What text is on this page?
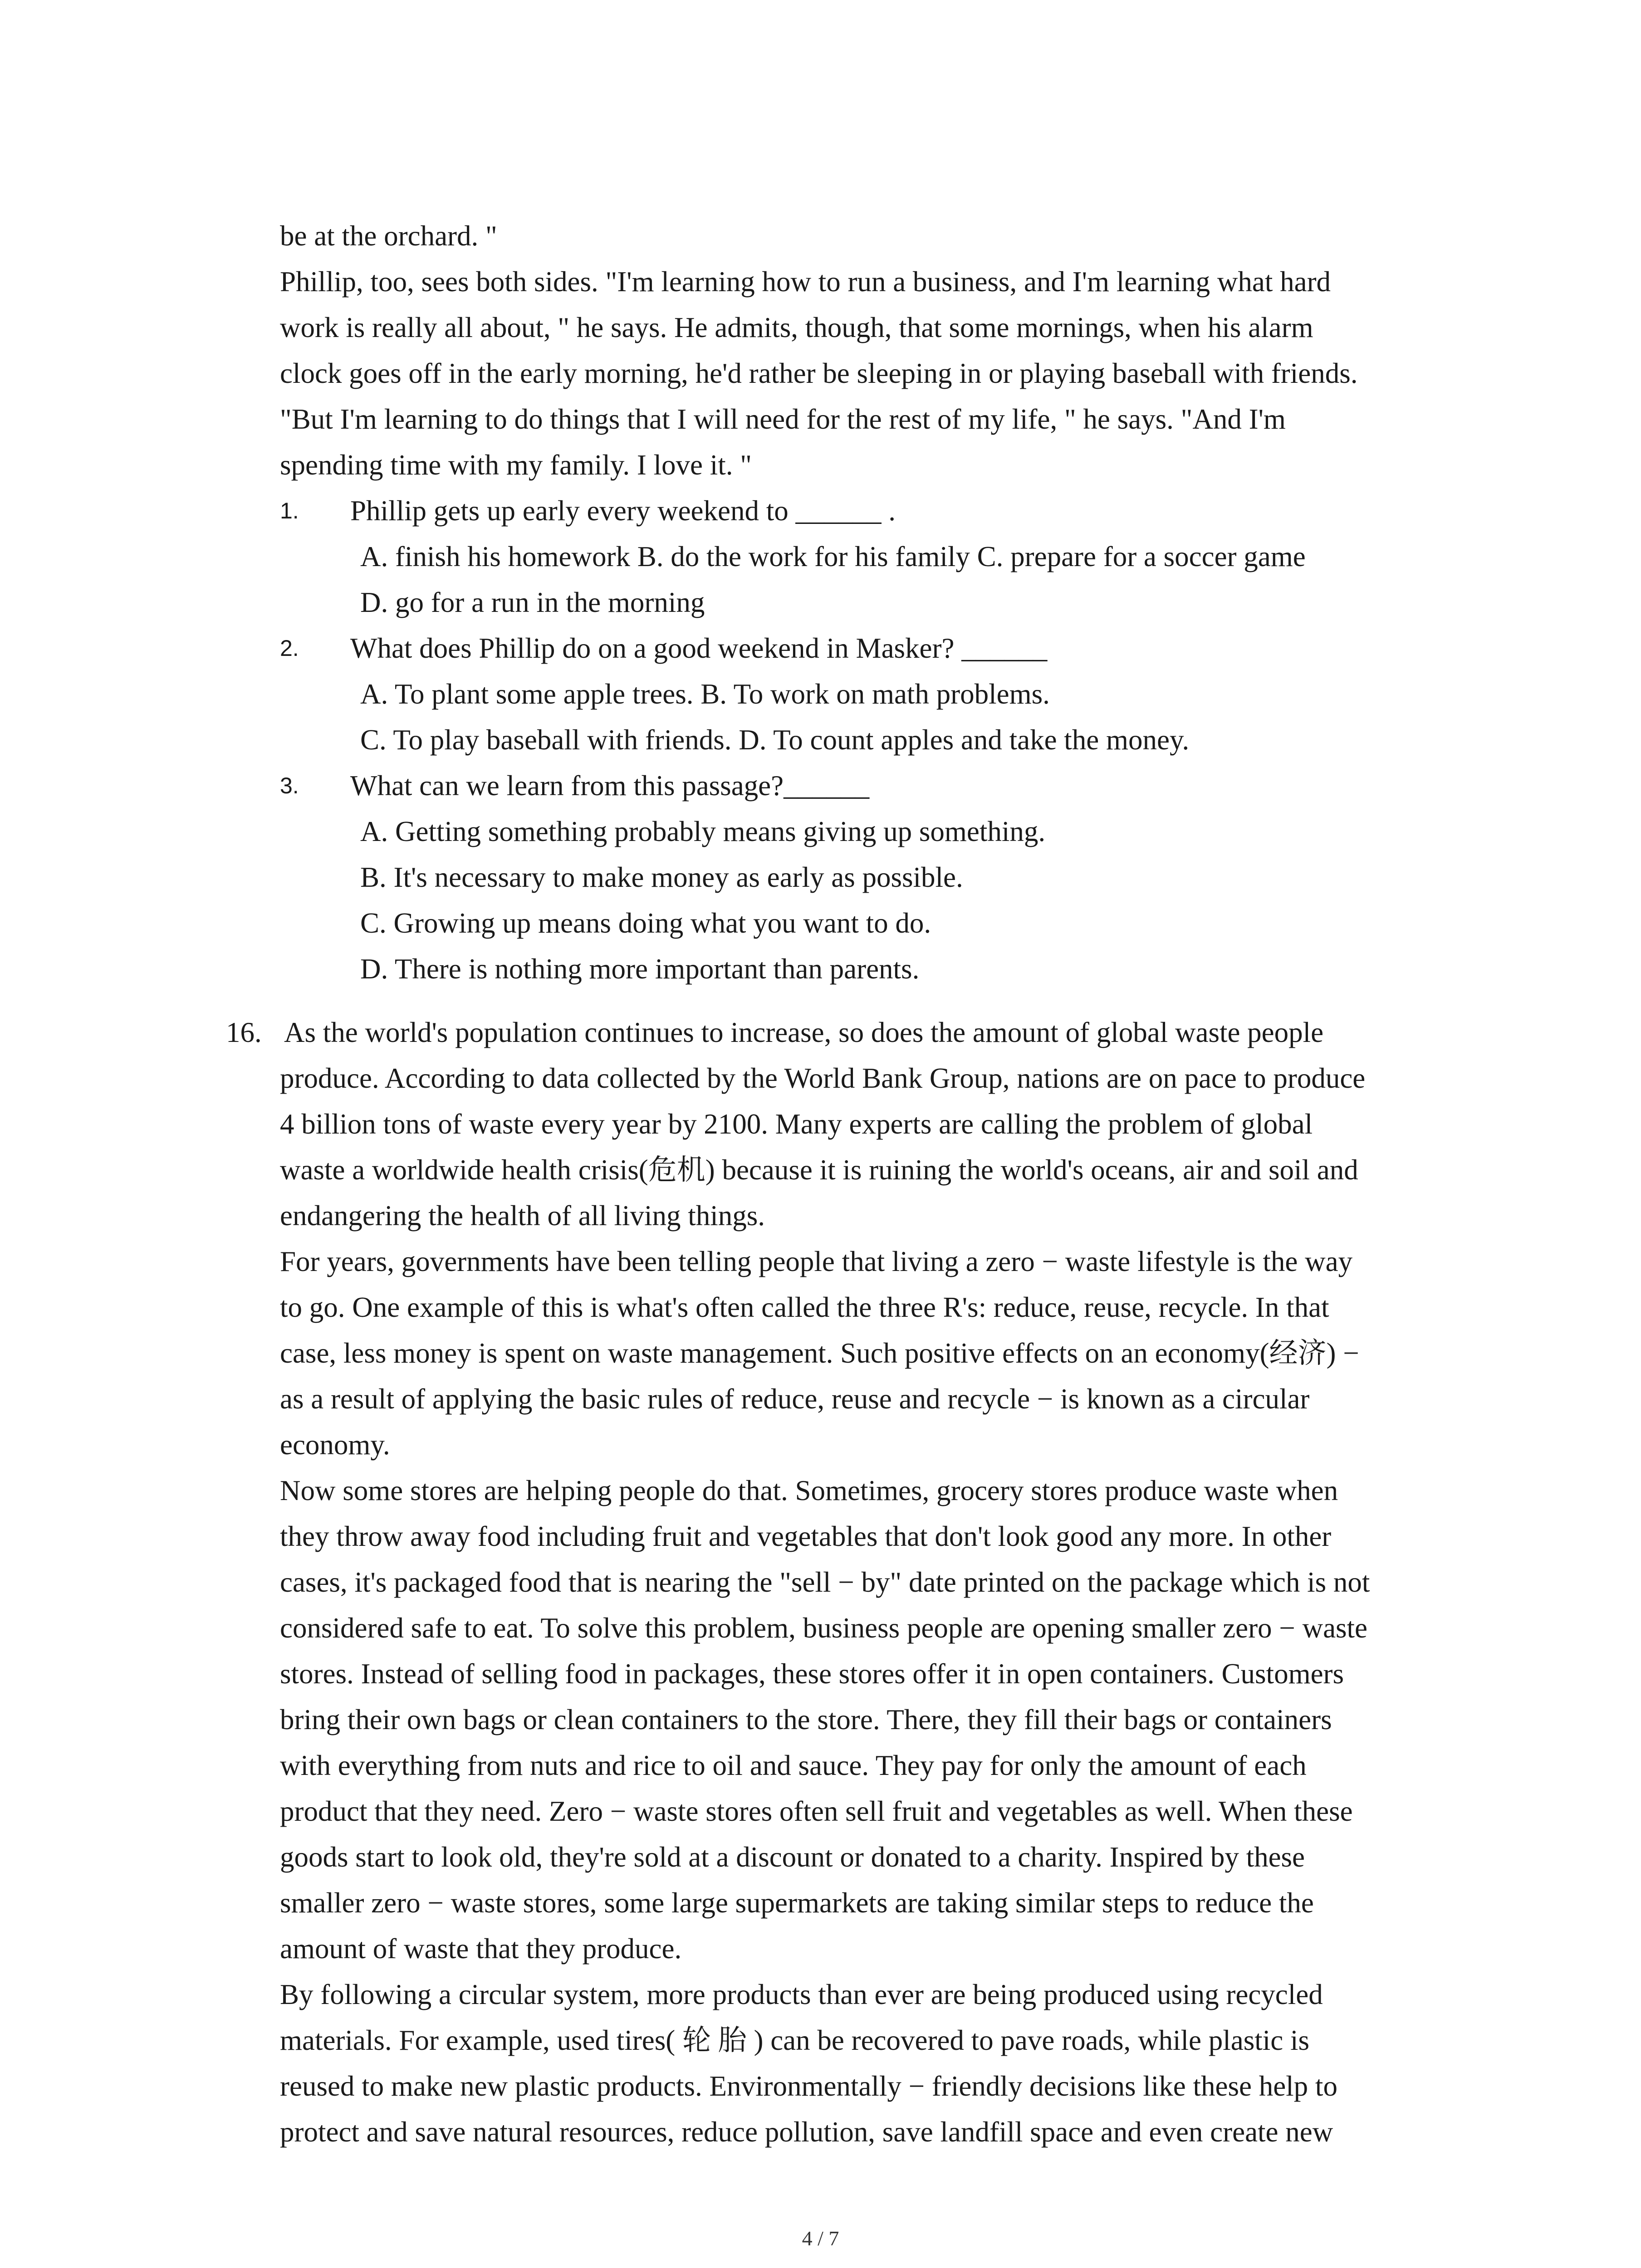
be at the orchard. "
Phillip, too, sees both sides. "I'm learning how to run a business, and I'm learning what hard
work is really all about, " he says. He admits, though, that some mornings, when his alarm
clock goes off in the early morning, he'd rather be sleeping in or playing baseball with friends.
"But I'm learning to do things that I will need for the rest of my life, " he says. "And I'm
spending time with my family. I love it. "
1. Phillip gets up early every weekend to ______ .
A. finish his homework B. do the work for his family C. prepare for a soccer game
D. go for a run in the morning
2. What does Phillip do on a good weekend in Masker? ______
A. To plant some apple trees. B. To work on math problems.
C. To play baseball with friends. D. To count apples and take the money.
3. What can we learn from this passage?______
A. Getting something probably means giving up something.
B. It's necessary to make money as early as possible.
C. Growing up means doing what you want to do.
D. There is nothing more important than parents.
16. As the world's population continues to increase, so does the amount of global waste people
produce. According to data collected by the World Bank Group, nations are on pace to produce
4 billion tons of waste every year by 2100. Many experts are calling the problem of global
waste a worldwide health crisis(危机) because it is ruining the world's oceans, air and soil and
endangering the health of all living things.
For years, governments have been telling people that living a zero − waste lifestyle is the way
to go. One example of this is what's often called the three R's: reduce, reuse, recycle. In that
case, less money is spent on waste management. Such positive effects on an economy(经济) −
as a result of applying the basic rules of reduce, reuse and recycle − is known as a circular
economy.
Now some stores are helping people do that. Sometimes, grocery stores produce waste when
they throw away food including fruit and vegetables that don't look good any more. In other
cases, it's packaged food that is nearing the "sell − by" date printed on the package which is not
considered safe to eat. To solve this problem, business people are opening smaller zero − waste
stores. Instead of selling food in packages, these stores offer it in open containers. Customers
bring their own bags or clean containers to the store. There, they fill their bags or containers
with everything from nuts and rice to oil and sauce. They pay for only the amount of each
product that they need. Zero − waste stores often sell fruit and vegetables as well. When these
goods start to look old, they're sold at a discount or donated to a charity. Inspired by these
smaller zero − waste stores, some large supermarkets are taking similar steps to reduce the
amount of waste that they produce.
By following a circular system, more products than ever are being produced using recycled
materials. For example, used tires( 轮 胎 ) can be recovered to pave roads, while plastic is
reused to make new plastic products. Environmentally − friendly decisions like these help to
protect and save natural resources, reduce pollution, save landfill space and even create new
4 / 7
